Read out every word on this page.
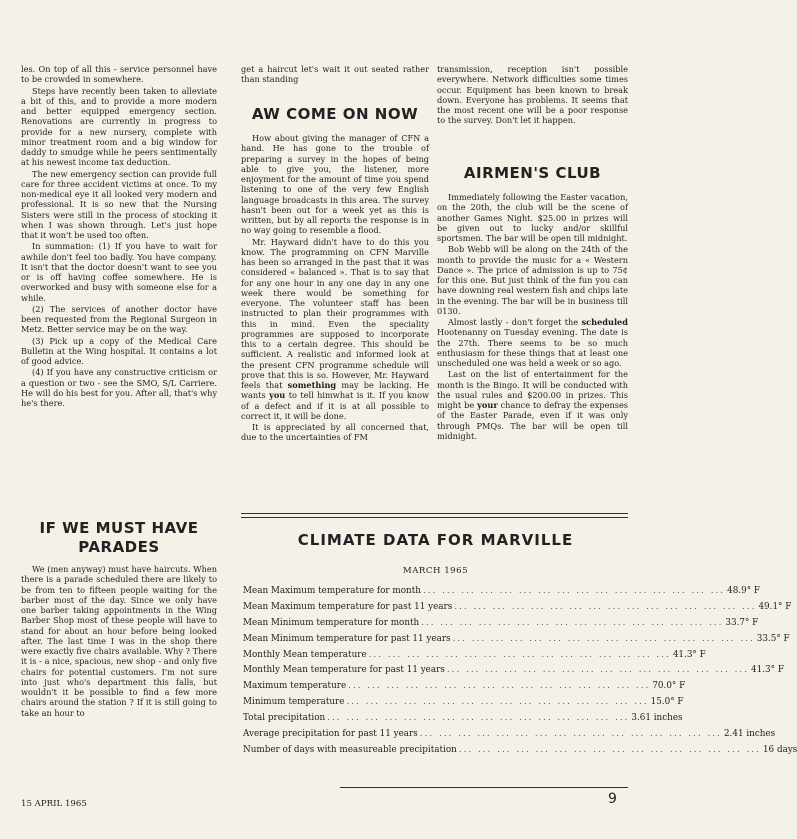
les. On top of all this - service personnel have to be crowded in somewhere.

Steps have recently been taken to alleviate a bit of this, and to provide a more modern and better equipped emergency section. Renovations are currently in progress to provide for a new nursery, complete with minor treatment room and a big window for daddy to smudge while he peers sentimentally at his newest income tax deduction.

The new emergency section can provide full care for three accident victims at once. To my non-medical eye it all looked very modern and professional. It is so new that the Nursing Sisters were still in the process of stocking it when I was shown through. Let's just hope that it won't be used too often.

In summation: (1) If you have to wait for awhile don't feel too badly. You have company. It isn't that the doctor doesn't want to see you or is off having coffee somewhere. He is overworked and busy with someone else for a while.

(2) The services of another doctor have been requested from the Regional Surgeon in Metz. Better service may be on the way.

(3) Pick up a copy of the Medical Care Bulletin at the Wing hospital. It contains a lot of good advice.

(4) If you have any constructive criticism or a question or two - see the SMO, S/L Carriere. He will do his best for you. After all, that's why he's there.

IF WE MUST HAVE
PARADES

We (men anyway) must have haircuts. When there is a parade scheduled there are likely to be from ten to fifteen people waiting for the barber most of the day. Since we only have one barber taking appointments in the Wing Barber Shop most of these people will have to stand for about an hour before being looked after. The last time I was in the shop there were exactly five chairs available. Why ? There it is - a nice, spacious, new shop - and only five chairs for potential customers. I'm not sure into just who's department this falls, but wouldn't it be possible to find a few more chairs around the station ? If it is still going to take an hour to

get a haircut let's wait it out seated rather than standing

AW COME ON NOW

How about giving the manager of CFN a hand. He has gone to the trouble of preparing a survey in the hopes of being able to give you, the listener, more enjoyment for the amount of time you spend listening to one of the very few English language broadcasts in this area. The survey hasn't been out for a week yet as this is written, but by all reports the response is in no way going to resemble a flood.

Mr. Hayward didn't have to do this you know. The programming on CFN Marville has been so arranged in the past that it was considered « balanced ». That is to say that for any one hour in any one day in any one week there would be something for everyone. The volunteer staff has been instructed to plan their programmes with this in mind. Even the speciality programmes are supposed to incorporate this to a certain degree. This should be sufficient. A realistic and informed look at the present CFN programme schedule will prove that this is so. However, Mr. Hayward feels that something may be lacking. He wants you to tell himwhat is it. If you know of a defect and if it is at all possible to correct it, it will be done.

It is appreciated by all concerned that, due to the uncertainties of FM

transmission, reception isn't possible everywhere. Network difficulties some times occur. Equipment has been known to break down. Everyone has problems. It seems that the most recent one will be a poor response to the survey. Don't let it happen.

AIRMEN'S CLUB

Immediately following the Easter vacation, on the 20th, the club will be the scene of another Games Night. $25.00 in prizes will be given out to lucky and/or skillful sportsmen. The bar will be open till midnight.

Bob Webb will be along on the 24th of the month to provide the music for a « Western Dance ». The price of admission is up to 75¢ for this one. But just think of the fun you can have downing real western fish and chips late in the evening. The bar will be in business till 0130.

Almost lastly - don't forget the scheduled Hootenanny on Tuesday evening. The date is the 27th. There seems to be so much enthusiasm for these things that at least one unscheduled one was held a week or so ago.

Last on the list of entertainment for the month is the Bingo. It will be conducted with the usual rules and $200.00 in prizes. This might be your chance to defray the expenses of the Easter Parade, even if it was only through PMQs. The bar will be open till midnight.

CLIMATE DATA FOR MARVILLE
MARCH 1965
Mean Maximum temperature for month ... ... ... ... ... ... ... ... ... ... ... ... ... ... ... ... 48.9° F
Mean Maximum temperature for past 11 years ... ... ... ... ... ... ... ... ... ... ... ... ... ... ... ... 49.1° F
Mean Minimum temperature for month ... ... ... ... ... ... ... ... ... ... ... ... ... ... ... ... 33.7° F
Mean Minimum temperature for past 11 years ... ... ... ... ... ... ... ... ... ... ... ... ... ... ... ... 33.5° F
Monthly Mean temperature ... ... ... ... ... ... ... ... ... ... ... ... ... ... ... ... 41.3° F
Monthly Mean temperature for past 11 years ... ... ... ... ... ... ... ... ... ... ... ... ... ... ... ... 41.3° F
Maximum temperature ... ... ... ... ... ... ... ... ... ... ... ... ... ... ... ... 70.0° F
Minimum temperature ... ... ... ... ... ... ... ... ... ... ... ... ... ... ... ... 15.0° F
Total precipitation ... ... ... ... ... ... ... ... ... ... ... ... ... ... ... ... 3.61 inches
Average precipitation for past 11 years ... ... ... ... ... ... ... ... ... ... ... ... ... ... ... ... 2.41 inches
Number of days with measureable precipitation ... ... ... ... ... ... ... ... ... ... ... ... ... ... ... ... 16 days
15 APRIL 1965	9
